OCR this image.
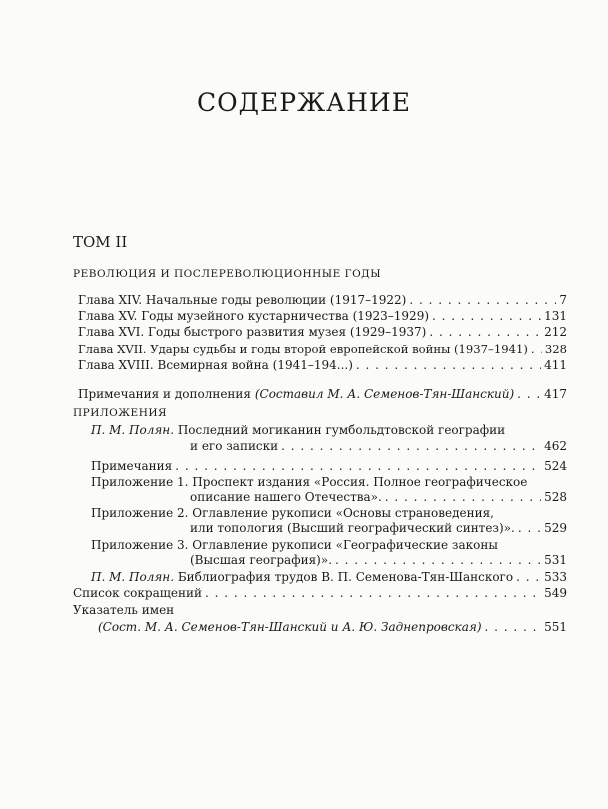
СОДЕРЖАНИЕ
ТОМ II
РЕВОЛЮЦИЯ И ПОСЛЕРЕВОЛЮЦИОННЫЕ ГОДЫ
Глава XIV. Начальные годы революции (1917–1922) . . .	7
Глава XV. Годы музейного кустарничества (1923–1929) . . .	131
Глава XVI. Годы быстрого развития музея (1929–1937) . . .	212
Глава XVII. Удары судьбы и годы второй европейской войны (1937–1941) . . . 328
Глава XVIII. Всемирная война (1941–194...) . . .	411
Примечания и дополнения (Составил М. А. Семенов-Тян-Шанский) . . . 417
ПРИЛОЖЕНИЯ
П. М. Полян. Последний могиканин гумбольдтовской географии
и его записки . . .	462
Примечания . . .	524
Приложение 1. Проспект издания «Россия. Полное географическое
описание нашего Отечества». . . .	528
Приложение 2. Оглавление рукописи «Основы страноведения,
или топология (Высший географический синтез)». . . . 529
Приложение 3. Оглавление рукописи «Географические законы
(Высшая география)». . . .	531
П. М. Полян. Библиография трудов В. П. Семенова-Тян-Шанского . . .	533
Список сокращений . . .	549
Указатель имен
(Сост. М. А. Семенов-Тян-Шанский и А. Ю. Заднепровская) . . .	551
